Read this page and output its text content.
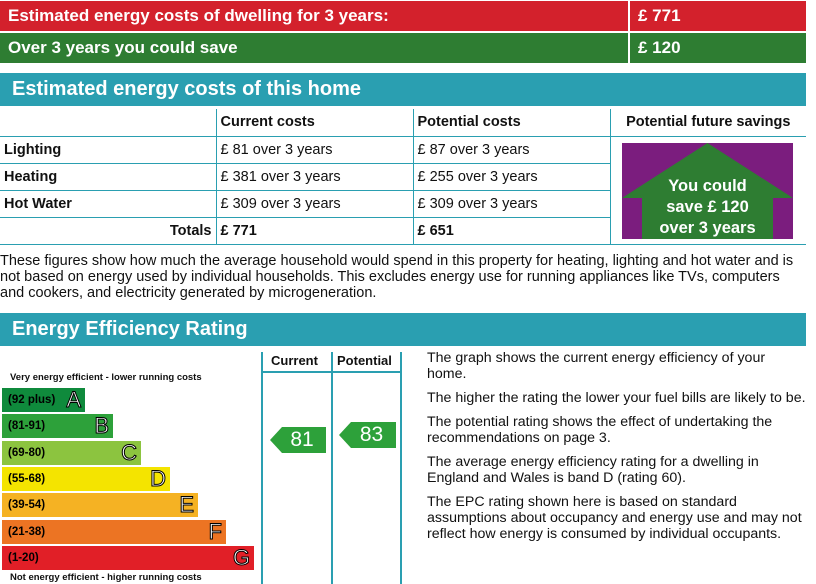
Estimated energy costs of dwelling for 3 years:	£ 771
Over 3 years you could save	£ 120
Estimated energy costs of this home
	Current costs	Potential costs	Potential future savings
Lighting	£ 81 over 3 years	£ 87 over 3 years	
Heating	£ 381 over 3 years	£ 255 over 3 years	
Hot Water	£ 309 over 3 years	£ 309 over 3 years	
Totals	£ 771	£ 651	
You could
save £ 120
over 3 years
These figures show how much the average household would spend in this property for heating, lighting and hot water and is not based on energy used by individual households. This excludes energy use for running appliances like TVs, computers and cookers, and electricity generated by microgeneration.
Energy Efficiency Rating
Current Potential
Very energy efficient - lower running costs
(92 plus) A
(81-91) B
(69-80)	C
(55-68)	D
(39-54)	E
(21-38)	F
(1-20)	G
Not energy efficient - higher running costs
81	83

The graph shows the current energy efficiency of your home.

The higher the rating the lower your fuel bills are likely to be.

The potential rating shows the effect of undertaking the recommendations on page 3.

The average energy efficiency rating for a dwelling in England and Wales is band D (rating 60).

The EPC rating shown here is based on standard assumptions about occupancy and energy use and may not reflect how energy is consumed by individual occupants.
